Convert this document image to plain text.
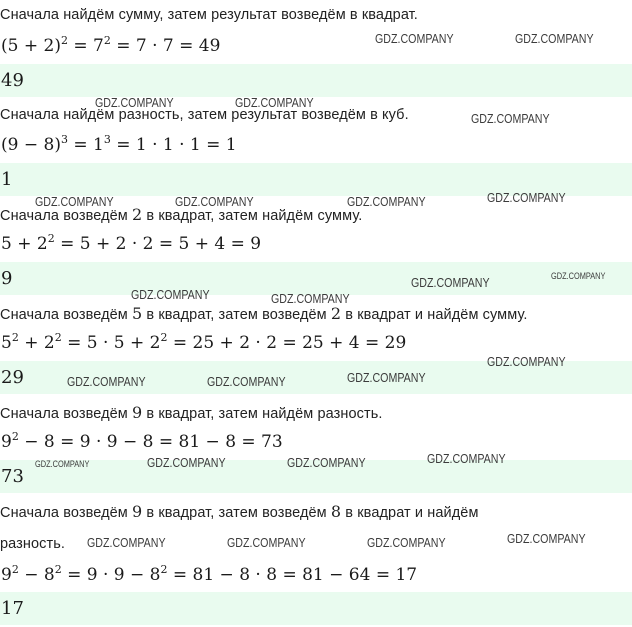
Сначала найдём сумму, затем результат возведём в квадрат.
$(5 + 2)^2 = 7^2 = 7 \cdot 7 = 49$
49
Сначала найдём разность, затем результат возведём в куб.
$(9 - 8)^3 = 1^3 = 1 \cdot 1 \cdot 1 = 1$
1
Сначала возведём 2 в квадрат, затем найдём сумму.
$5 + 2^2 = 5 + 2 \cdot 2 = 5 + 4 = 9$
9
Сначала возведём 5 в квадрат, затем возведём 2 в квадрат и найдём сумму.
$5^2 + 2^2 = 5 \cdot 5 + 2^2 = 25 + 2 \cdot 2 = 25 + 4 = 29$
29
Сначала возведём 9 в квадрат, затем найдём разность.
$9^2 - 8 = 9 \cdot 9 - 8 = 81 - 8 = 73$
73
Сначала возведём 9 в квадрат, затем возведём 8 в квадрат и найдём
разность.
$9^2 - 8^2 = 9 \cdot 9 - 8^2 = 81 - 8 \cdot 8 = 81 - 64 = 17$
17
GDZ.COMPANY	GDZ.COMPANY
GDZ.COMPANY	GDZ.COMPANY
GDZ.COMPANY
GDZ.COMPANY	GDZ.COMPANY	GDZ.COMPANY	GDZ.COMPANY
GDZ.COMPANY	GDZ.COMPANY
GDZ.COMPANY	GDZ.COMPANY
GDZ.COMPANY
GDZ.COMPANY	GDZ.COMPANY	GDZ.COMPANY
GDZ.COMPANY
GDZ.COMPANY	GDZ.COMPANY	GDZ.COMPANY
GDZ.COMPANY
GDZ.COMPANY	GDZ.COMPANY	GDZ.COMPANY
